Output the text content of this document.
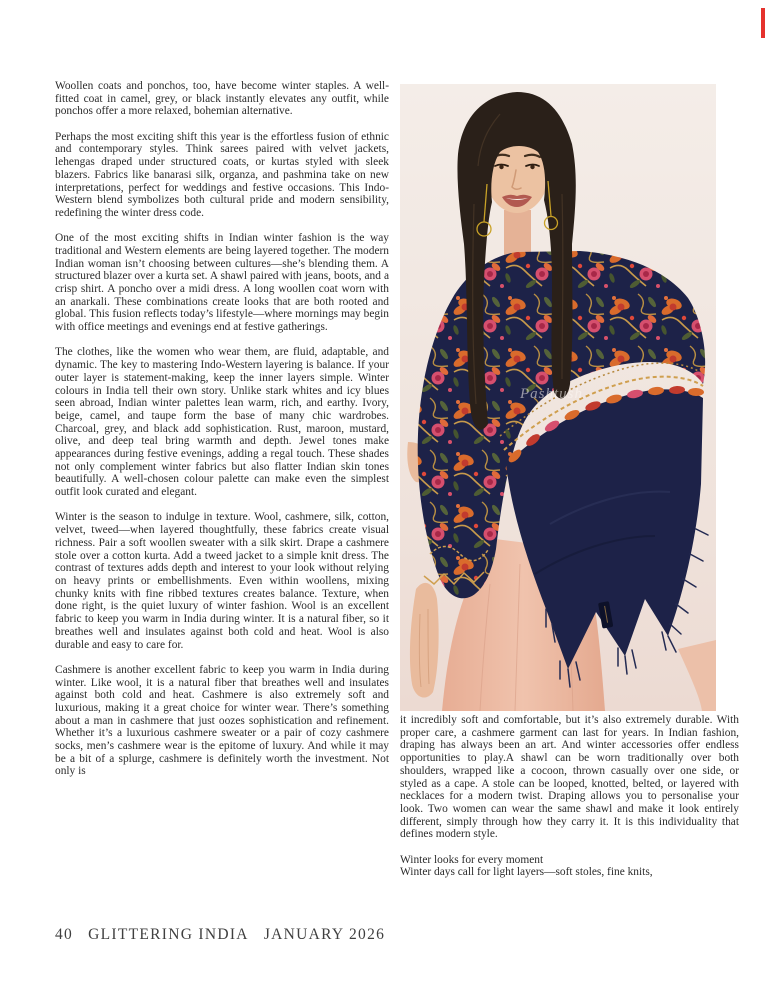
Woollen coats and ponchos, too, have become winter staples. A well-fitted coat in camel, grey, or black instantly elevates any outfit, while ponchos offer a more relaxed, bohemian alternative.

Perhaps the most exciting shift this year is the effortless fusion of ethnic and contemporary styles. Think sarees paired with velvet jackets, lehengas draped under structured coats, or kurtas styled with sleek blazers. Fabrics like banarasi silk, organza, and pashmina take on new interpretations, perfect for weddings and festive occasions. This Indo-Western blend symbolizes both cultural pride and modern sensibility, redefining the winter dress code.

One of the most exciting shifts in Indian winter fashion is the way traditional and Western elements are being layered together. The modern Indian woman isn’t choosing between cultures—she’s blending them. A structured blazer over a kurta set. A shawl paired with jeans, boots, and a crisp shirt. A poncho over a midi dress. A long woollen coat worn with an anarkali. These combinations create looks that are both rooted and global. This fusion reflects today’s lifestyle—where mornings may begin with office meetings and evenings end at festive gatherings.

The clothes, like the women who wear them, are fluid, adaptable, and dynamic. The key to mastering Indo-Western layering is balance. If your outer layer is statement-making, keep the inner layers simple. Winter colours in India tell their own story. Unlike stark whites and icy blues seen abroad, Indian winter palettes lean warm, rich, and earthy. Ivory, beige, camel, and taupe form the base of many chic wardrobes. Charcoal, grey, and black add sophistication. Rust, maroon, mustard, olive, and deep teal bring warmth and depth. Jewel tones make appearances during festive evenings, adding a regal touch. These shades not only complement winter fabrics but also flatter Indian skin tones beautifully. A well-chosen colour palette can make even the simplest outfit look curated and elegant.

Winter is the season to indulge in texture. Wool, cashmere, silk, cotton, velvet, tweed—when layered thoughtfully, these fabrics create visual richness. Pair a soft woollen sweater with a silk skirt. Drape a cashmere stole over a cotton kurta. Add a tweed jacket to a simple knit dress. The contrast of textures adds depth and interest to your look without relying on heavy prints or embellishments. Even within woollens, mixing chunky knits with fine ribbed textures creates balance. Texture, when done right, is the quiet luxury of winter fashion. Wool is an excellent fabric to keep you warm in India during winter. It is a natural fiber, so it breathes well and insulates against both cold and heat. Wool is also durable and easy to care for.

Cashmere is another excellent fabric to keep you warm in India during winter. Like wool, it is a natural fiber that breathes well and insulates against both cold and heat. Cashmere is also extremely soft and luxurious, making it a great choice for winter wear. There’s something about a man in cashmere that just oozes sophistication and refinement. Whether it’s a luxurious cashmere sweater or a pair of cozy cashmere socks, men’s cashmere wear is the epitome of luxury. And while it may be a bit of a splurge, cashmere is definitely worth the investment. Not only is

Pashtush

it incredibly soft and comfortable, but it’s also extremely durable. With proper care, a cashmere garment can last for years. In Indian fashion, draping has always been an art. And winter accessories offer endless opportunities to play.A shawl can be worn traditionally over both shoulders, wrapped like a cocoon, thrown casually over one side, or styled as a cape. A stole can be looped, knotted, belted, or layered with necklaces for a modern twist. Draping allows you to personalise your look. Two women can wear the same shawl and make it look entirely different, simply through how they carry it. It is this individuality that defines modern style.

Winter looks for every moment

Winter days call for light layers—soft stoles, fine knits,

40 GLITTERING INDIA JANUARY 2026
